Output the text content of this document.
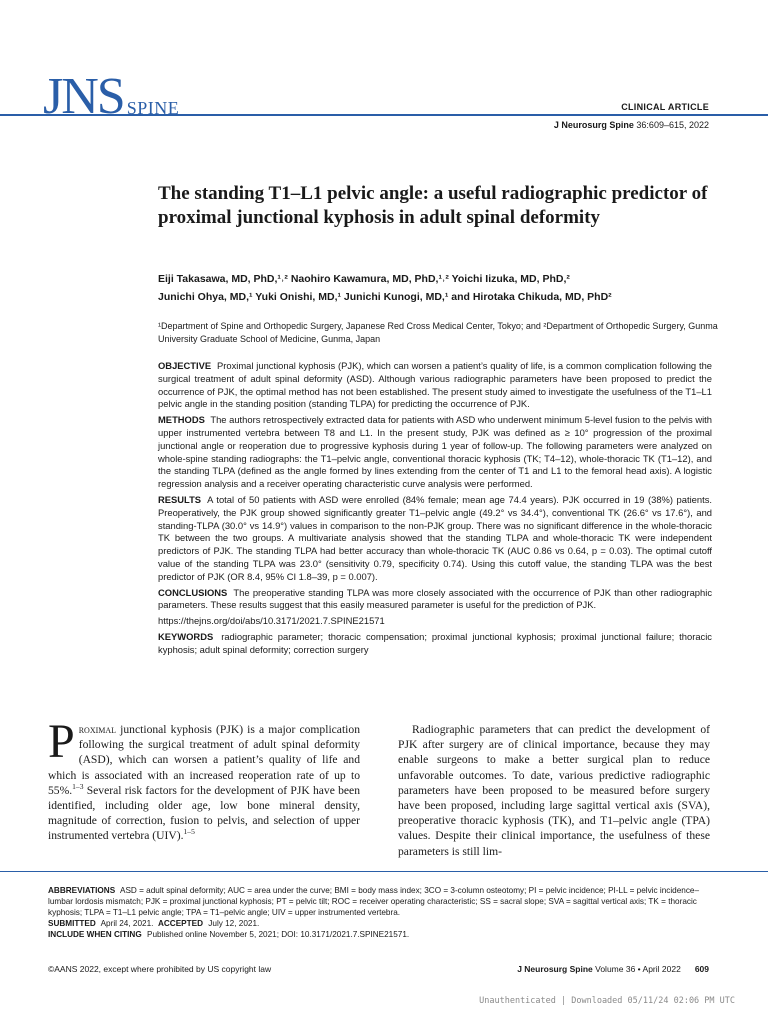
JNS SPINE	CLINICAL ARTICLE
J Neurosurg Spine 36:609–615, 2022
The standing T1–L1 pelvic angle: a useful radiographic predictor of proximal junctional kyphosis in adult spinal deformity
Eiji Takasawa, MD, PhD,¹˒² Naohiro Kawamura, MD, PhD,¹˒² Yoichi Iizuka, MD, PhD,²
Junichi Ohya, MD,¹ Yuki Onishi, MD,¹ Junichi Kunogi, MD,¹ and Hirotaka Chikuda, MD, PhD²
¹Department of Spine and Orthopedic Surgery, Japanese Red Cross Medical Center, Tokyo; and ²Department of Orthopedic Surgery, Gunma University Graduate School of Medicine, Gunma, Japan

OBJECTIVE Proximal junctional kyphosis (PJK), which can worsen a patient’s quality of life, is a common complication following the surgical treatment of adult spinal deformity (ASD). Although various radiographic parameters have been proposed to predict the occurrence of PJK, the optimal method has not been established. The present study aimed to investigate the usefulness of the T1–L1 pelvic angle in the standing position (standing TLPA) for predicting the occurrence of PJK.

METHODS The authors retrospectively extracted data for patients with ASD who underwent minimum 5-level fusion to the pelvis with upper instrumented vertebra between T8 and L1. In the present study, PJK was defined as ≥ 10° progression of the proximal junctional angle or reoperation due to progressive kyphosis during 1 year of follow-up. The following parameters were analyzed on whole-spine standing radiographs: the T1–pelvic angle, conventional thoracic kyphosis (TK; T4–12), whole-thoracic TK (T1–12), and the standing TLPA (defined as the angle formed by lines extending from the center of T1 and L1 to the femoral head axis). A logistic regression analysis and a receiver operating characteristic curve analysis were performed.

RESULTS A total of 50 patients with ASD were enrolled (84% female; mean age 74.4 years). PJK occurred in 19 (38%) patients. Preoperatively, the PJK group showed significantly greater T1–pelvic angle (49.2° vs 34.4°), conventional TK (26.6° vs 17.6°), and standing-TLPA (30.0° vs 14.9°) values in comparison to the non-PJK group. There was no significant difference in the whole-thoracic TK between the two groups. A multivariate analysis showed that the standing TLPA and whole-thoracic TK were independent predictors of PJK. The standing TLPA had better accuracy than whole-thoracic TK (AUC 0.86 vs 0.64, p = 0.03). The optimal cutoff value of the standing TLPA was 23.0° (sensitivity 0.79, specificity 0.74). Using this cutoff value, the standing TLPA was the best predictor of PJK (OR 8.4, 95% CI 1.8–39, p = 0.007).

CONCLUSIONS The preoperative standing TLPA was more closely associated with the occurrence of PJK than other radiographic parameters. These results suggest that this easily measured parameter is useful for the prediction of PJK.

https://thejns.org/doi/abs/10.3171/2021.7.SPINE21571

KEYWORDS radiographic parameter; thoracic compensation; proximal junctional kyphosis; proximal junctional failure; thoracic kyphosis; adult spinal deformity; correction surgery

Proximal junctional kyphosis (PJK) is a major complication following the surgical treatment of adult spinal deformity (ASD), which can worsen a patient’s quality of life and which is associated with an increased reoperation rate of up to 55%.$^{1-3}$ Several risk factors for the development of PJK have been identified, including older age, low bone mineral density, magnitude of correction, fusion to pelvis, and selection of upper instrumented vertebra (UIV).$^{1-5}$
Radiographic parameters that can predict the development of PJK after surgery are of clinical importance, because they may enable surgeons to make a better surgical plan to reduce unfavorable outcomes. To date, various predictive radiographic parameters have been proposed to be measured before surgery have been proposed, including large sagittal vertical axis (SVA), preoperative thoracic kyphosis (TK), and T1–pelvic angle (TPA) values. Despite their clinical importance, the usefulness of these parameters is still lim-
ABBREVIATIONS ASD = adult spinal deformity; AUC = area under the curve; BMI = body mass index; 3CO = 3-column osteotomy; PI = pelvic incidence; PI-LL = pelvic incidence–lumbar lordosis mismatch; PJK = proximal junctional kyphosis; PT = pelvic tilt; ROC = receiver operating characteristic; SS = sacral slope; SVA = sagittal vertical axis; TK = thoracic kyphosis; TLPA = T1–L1 pelvic angle; TPA = T1–pelvic angle; UIV = upper instrumented vertebra.
SUBMITTED April 24, 2021. ACCEPTED July 12, 2021.
INCLUDE WHEN CITING Published online November 5, 2021; DOI: 10.3171/2021.7.SPINE21571.
©AANS 2022, except where prohibited by US copyright law	J Neurosurg Spine Volume 36 • April 2022 609
Unauthenticated | Downloaded 05/11/24 02:06 PM UTC
